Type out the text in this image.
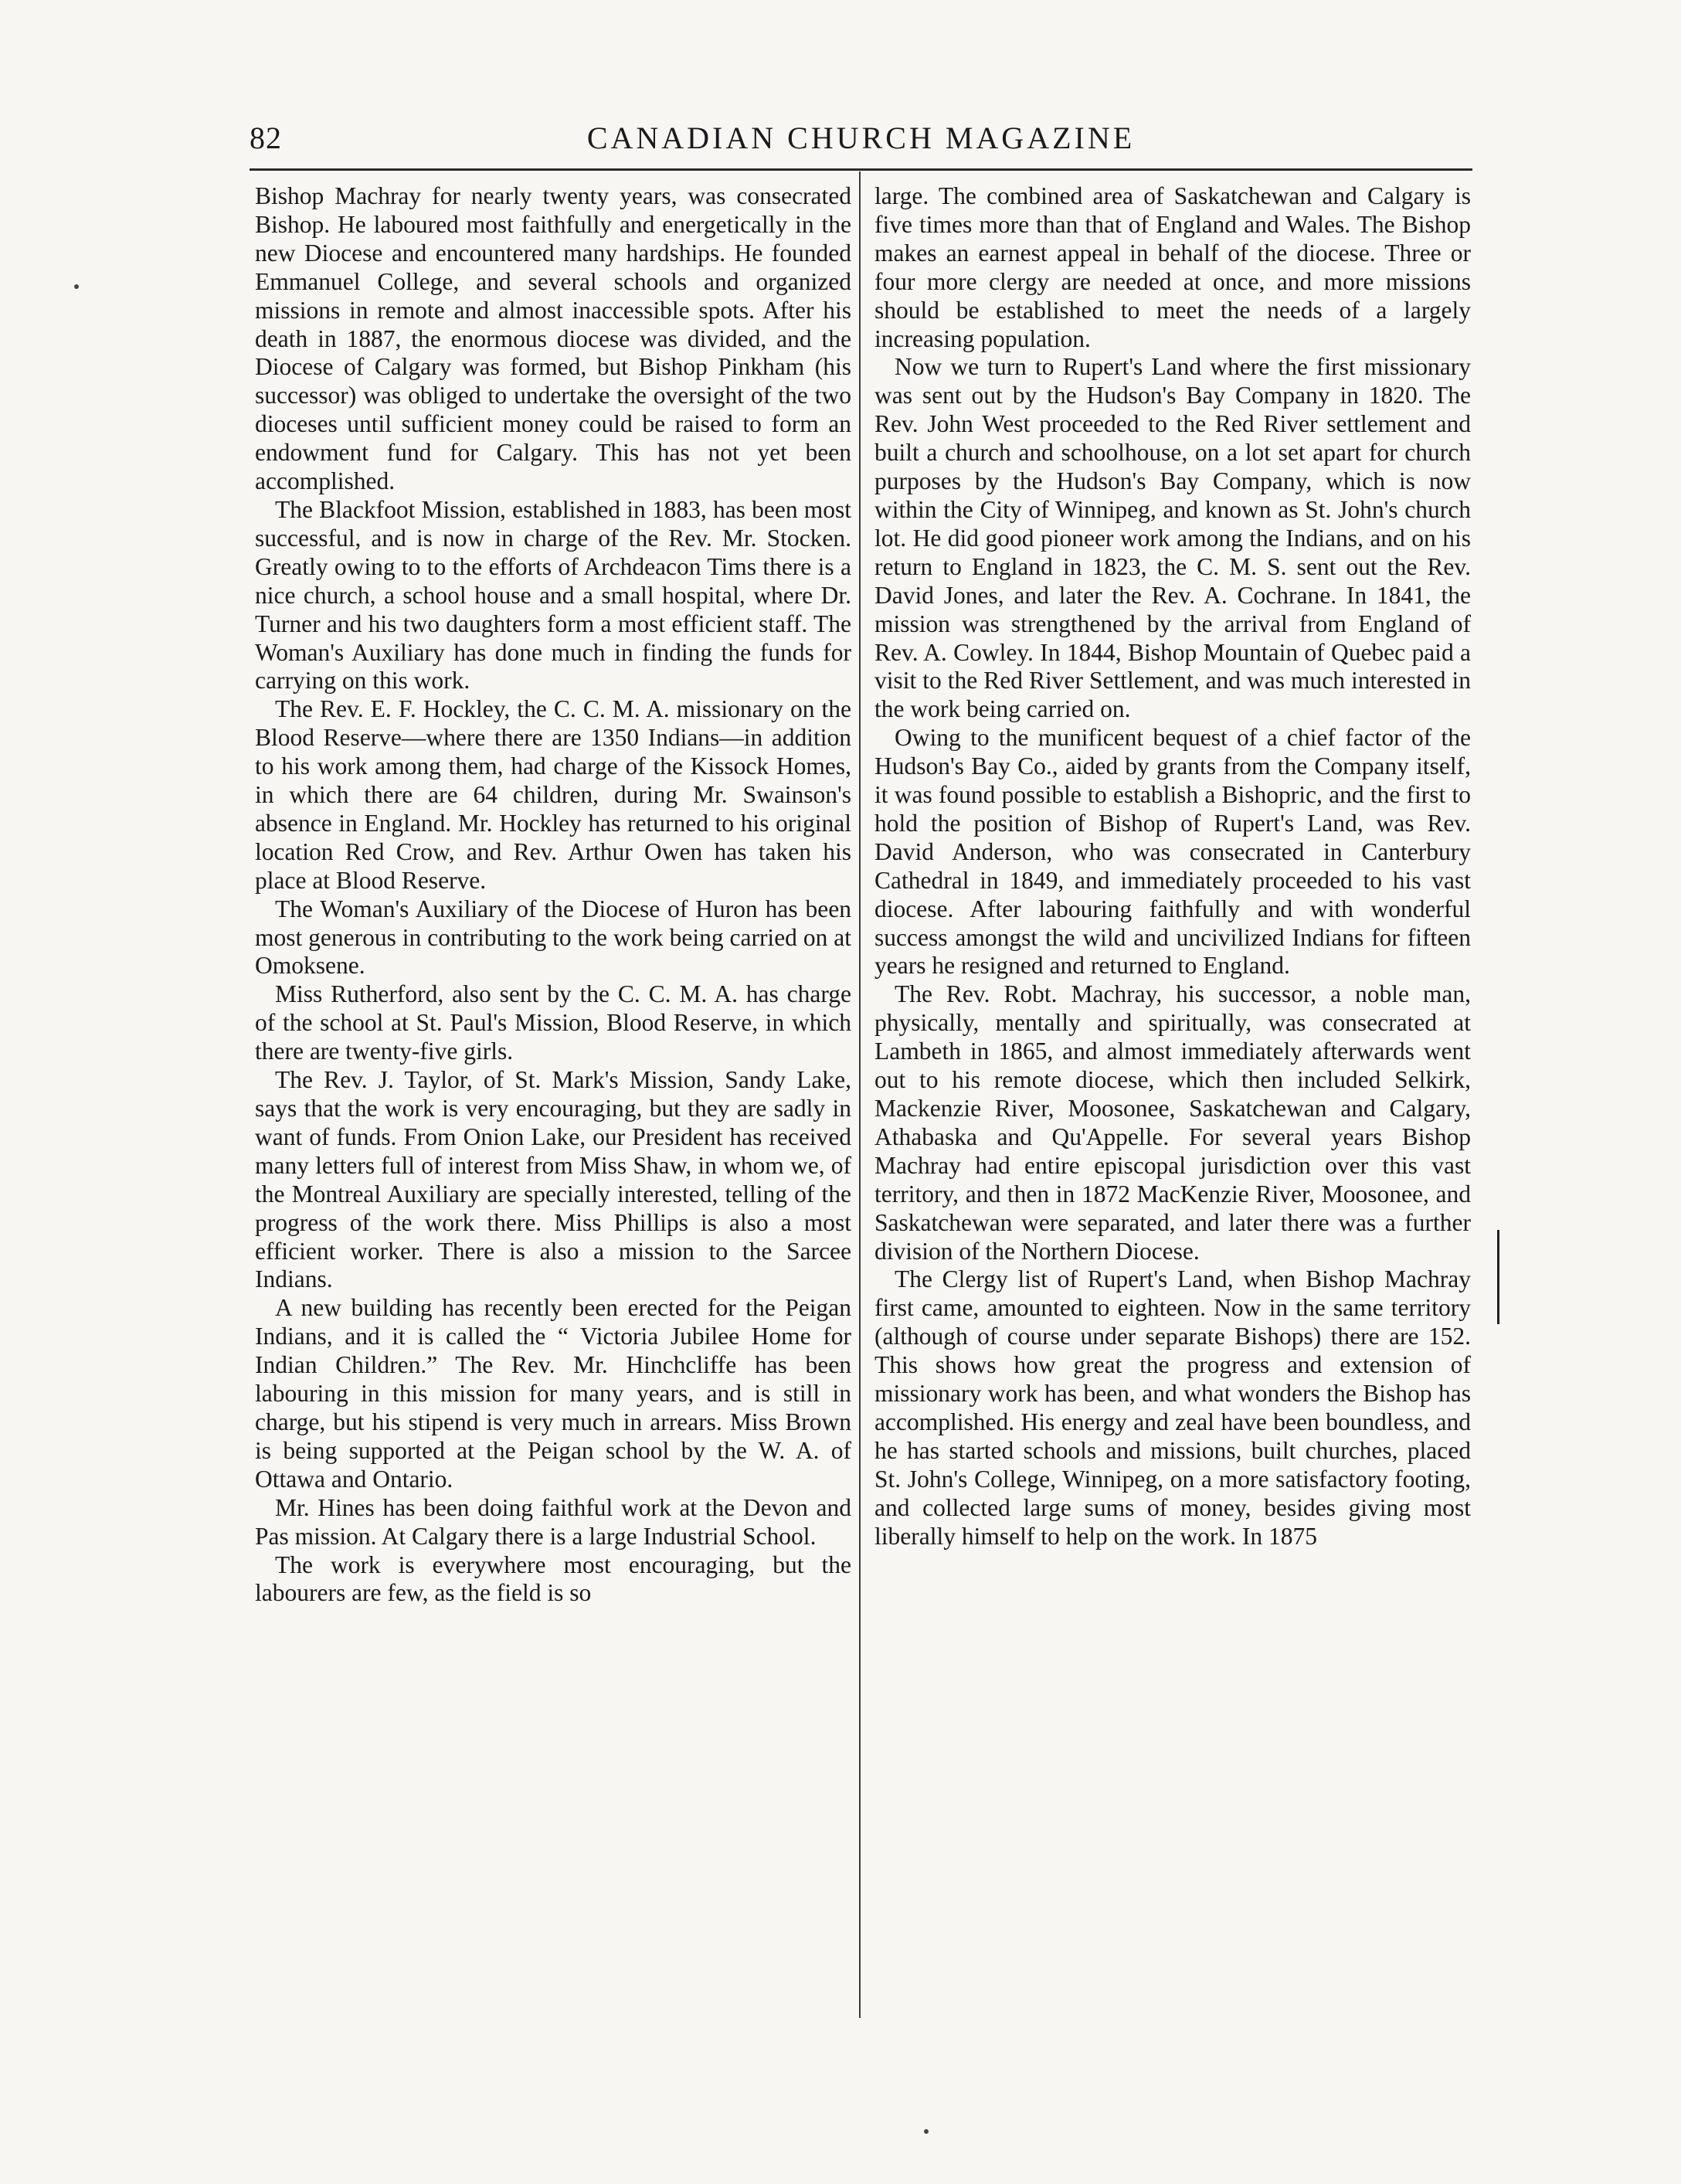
82	CANADIAN CHURCH MAGAZINE

Bishop Machray for nearly twenty years, was consecrated Bishop. He laboured most faithfully and energetically in the new Diocese and encountered many hardships. He founded Emmanuel College, and several schools and organized missions in remote and almost inaccessible spots. After his death in 1887, the enormous diocese was divided, and the Diocese of Calgary was formed, but Bishop Pinkham (his successor) was obliged to undertake the oversight of the two dioceses until sufficient money could be raised to form an endowment fund for Calgary. This has not yet been accomplished.

The Blackfoot Mission, established in 1883, has been most successful, and is now in charge of the Rev. Mr. Stocken. Greatly owing to to the efforts of Archdeacon Tims there is a nice church, a school house and a small hospital, where Dr. Turner and his two daughters form a most efficient staff. The Woman's Auxiliary has done much in finding the funds for carrying on this work.

The Rev. E. F. Hockley, the C. C. M. A. missionary on the Blood Reserve—where there are 1350 Indians—in addition to his work among them, had charge of the Kissock Homes, in which there are 64 children, during Mr. Swainson's absence in England. Mr. Hockley has returned to his original location Red Crow, and Rev. Arthur Owen has taken his place at Blood Reserve.

The Woman's Auxiliary of the Diocese of Huron has been most generous in contributing to the work being carried on at Omoksene.

Miss Rutherford, also sent by the C. C. M. A. has charge of the school at St. Paul's Mission, Blood Reserve, in which there are twenty-five girls.

The Rev. J. Taylor, of St. Mark's Mission, Sandy Lake, says that the work is very encouraging, but they are sadly in want of funds. From Onion Lake, our President has received many letters full of interest from Miss Shaw, in whom we, of the Montreal Auxiliary are specially interested, telling of the progress of the work there. Miss Phillips is also a most efficient worker. There is also a mission to the Sarcee Indians.

A new building has recently been erected for the Peigan Indians, and it is called the “ Victoria Jubilee Home for Indian Children.” The Rev. Mr. Hinchcliffe has been labouring in this mission for many years, and is still in charge, but his stipend is very much in arrears. Miss Brown is being supported at the Peigan school by the W. A. of Ottawa and Ontario.

Mr. Hines has been doing faithful work at the Devon and Pas mission. At Calgary there is a large Industrial School.

The work is everywhere most encouraging, but the labourers are few, as the field is so

large. The combined area of Saskatchewan and Calgary is five times more than that of England and Wales. The Bishop makes an earnest appeal in behalf of the diocese. Three or four more clergy are needed at once, and more missions should be established to meet the needs of a largely increasing population.

Now we turn to Rupert's Land where the first missionary was sent out by the Hudson's Bay Company in 1820. The Rev. John West proceeded to the Red River settlement and built a church and schoolhouse, on a lot set apart for church purposes by the Hudson's Bay Company, which is now within the City of Winnipeg, and known as St. John's church lot. He did good pioneer work among the Indians, and on his return to England in 1823, the C. M. S. sent out the Rev. David Jones, and later the Rev. A. Cochrane. In 1841, the mission was strengthened by the arrival from England of Rev. A. Cowley. In 1844, Bishop Mountain of Quebec paid a visit to the Red River Settlement, and was much interested in the work being carried on.

Owing to the munificent bequest of a chief factor of the Hudson's Bay Co., aided by grants from the Company itself, it was found possible to establish a Bishopric, and the first to hold the position of Bishop of Rupert's Land, was Rev. David Anderson, who was consecrated in Canterbury Cathedral in 1849, and immediately proceeded to his vast diocese. After labouring faithfully and with wonderful success amongst the wild and uncivilized Indians for fifteen years he resigned and returned to England.

The Rev. Robt. Machray, his successor, a noble man, physically, mentally and spiritually, was consecrated at Lambeth in 1865, and almost immediately afterwards went out to his remote diocese, which then included Selkirk, Mackenzie River, Moosonee, Saskatchewan and Calgary, Athabaska and Qu'Appelle. For several years Bishop Machray had entire episcopal jurisdiction over this vast territory, and then in 1872 MacKenzie River, Moosonee, and Saskatchewan were separated, and later there was a further division of the Northern Diocese.

The Clergy list of Rupert's Land, when Bishop Machray first came, amounted to eighteen. Now in the same territory (although of course under separate Bishops) there are 152. This shows how great the progress and extension of missionary work has been, and what wonders the Bishop has accomplished. His energy and zeal have been boundless, and he has started schools and missions, built churches, placed St. John's College, Winnipeg, on a more satisfactory footing, and collected large sums of money, besides giving most liberally himself to help on the work. In 1875
